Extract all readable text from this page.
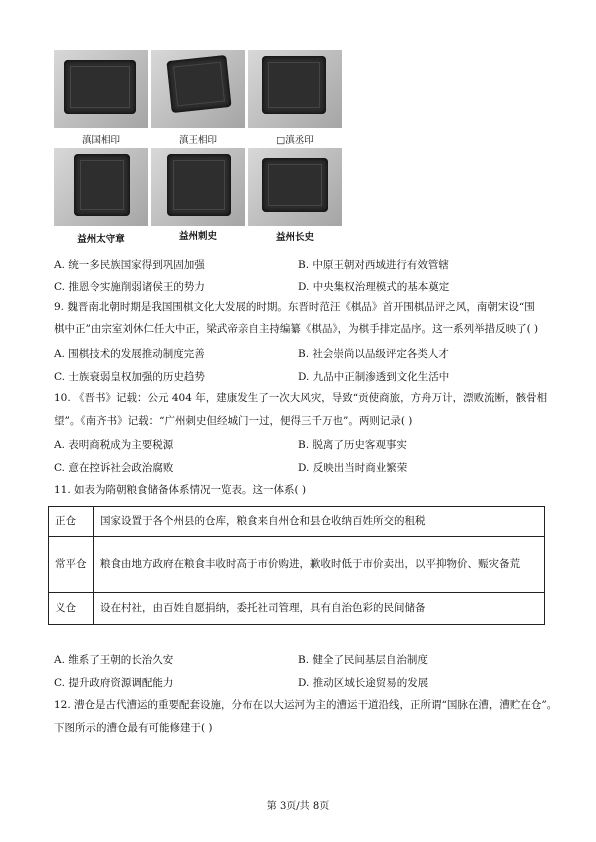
滇国相印	滇王相印	□滇丞印
益州太守章	益州刺史	益州长史
A. 统一多民族国家得到巩固加强	B. 中原王朝对西域进行有效管辖
C. 推恩令实施削弱诸侯王的势力	D. 中央集权治理模式的基本奠定
9. 魏晋南北朝时期是我国围棋文化大发展的时期。东晋时范汪《棋品》首开围棋品评之风，南朝宋设“围
棋中正”由宗室刘休仁任大中正，梁武帝亲自主持编纂《棋品》，为棋手排定品序。这一系列举措反映了( )
A. 围棋技术的发展推动制度完善	B. 社会崇尚以品级评定各类人才
C. 士族衰弱皇权加强的历史趋势	D. 九品中正制渗透到文化生活中
10. 《晋书》记载：公元 404 年，建康发生了一次大风灾，导致“贡使商旅，方舟万计，漂败流断，骸骨相
望”。《南齐书》记载：“广州刺史但经城门一过，便得三千万也”。两则记录( )
A. 表明商税成为主要税源	B. 脱离了历史客观事实
C. 意在控诉社会政治腐败	D. 反映出当时商业繁荣
11. 如表为隋朝粮食储备体系情况一览表。这一体系( )
正仓	国家设置于各个州县的仓库，粮食来自州仓和县仓收纳百姓所交的租税
常平仓	粮食由地方政府在粮食丰收时高于市价购进，歉收时低于市价卖出，以平抑物价、赈灾备荒
义仓	设在村社，由百姓自愿捐纳，委托社司管理，具有自治色彩的民间储备
A. 维系了王朝的长治久安	B. 健全了民间基层自治制度
C. 提升政府资源调配能力	D. 推动区域长途贸易的发展
12. 漕仓是古代漕运的重要配套设施，分布在以大运河为主的漕运干道沿线，正所谓“国脉在漕，漕贮在仓”。
下图所示的漕仓最有可能修建于( )
第 3页/共 8页
